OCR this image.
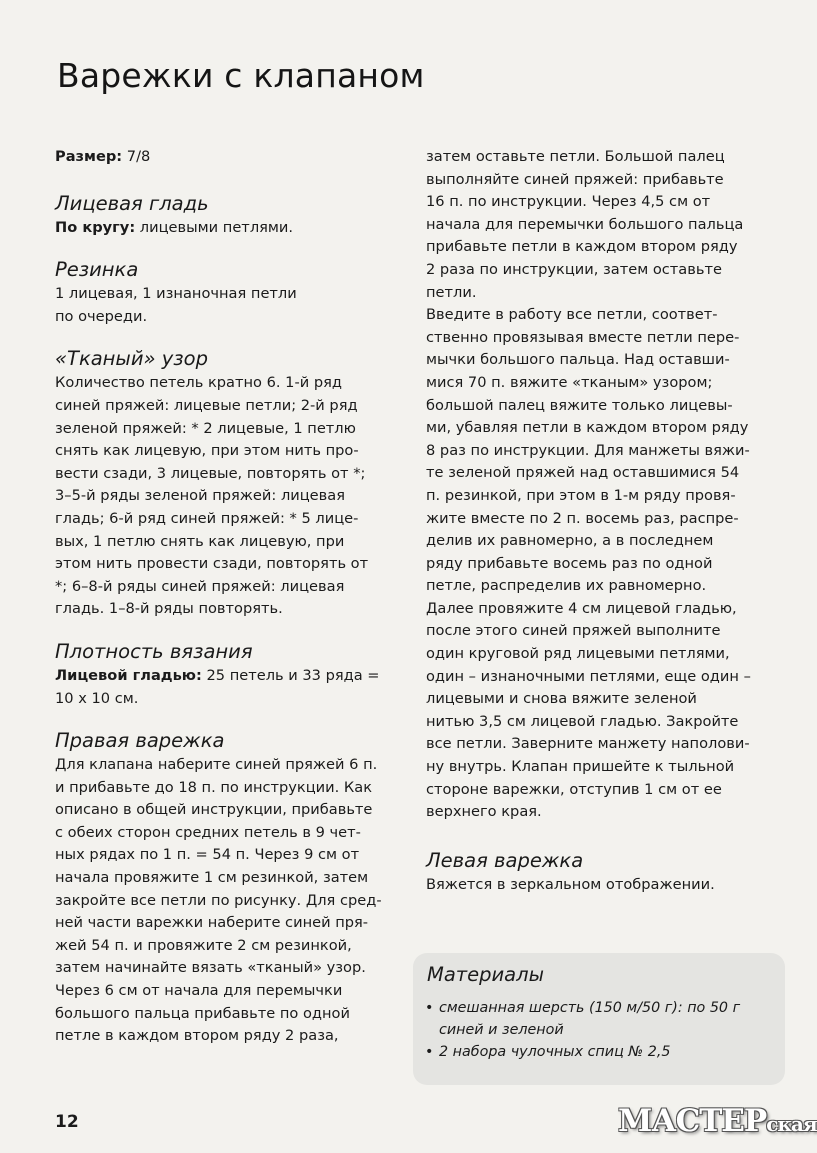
Варежки с клапаном

Размер: 7/8

Лицевая гладь

По кругу: лицевыми петлями.

Резинка

1 лицевая, 1 изнаночная петли

по очереди.

«Тканый» узор

Количество петель кратно 6. 1-й ряд

синей пряжей: лицевые петли; 2-й ряд

зеленой пряжей: * 2 лицевые, 1 петлю

снять как лицевую, при этом нить про-

вести сзади, 3 лицевые, повторять от *;

3–5-й ряды зеленой пряжей: лицевая

гладь; 6-й ряд синей пряжей: * 5 лице-

вых, 1 петлю снять как лицевую, при

этом нить провести сзади, повторять от

*; 6–8-й ряды синей пряжей: лицевая

гладь. 1–8-й ряды повторять.

Плотность вязания

Лицевой гладью: 25 петель и 33 ряда =

10 х 10 см.

Правая варежка

Для клапана наберите синей пряжей 6 п.

и прибавьте до 18 п. по инструкции. Как

описано в общей инструкции, прибавьте

с обеих сторон средних петель в 9 чет-

ных рядах по 1 п. = 54 п. Через 9 см от

начала провяжите 1 см резинкой, затем

закройте все петли по рисунку. Для сред-

ней части варежки наберите синей пря-

жей 54 п. и провяжите 2 см резинкой,

затем начинайте вязать «тканый» узор.

Через 6 см от начала для перемычки

большого пальца прибавьте по одной

петле в каждом втором ряду 2 раза,

затем оставьте петли. Большой палец

выполняйте синей пряжей: прибавьте

16 п. по инструкции. Через 4,5 см от

начала для перемычки большого пальца

прибавьте петли в каждом втором ряду

2 раза по инструкции, затем оставьте

петли.

Введите в работу все петли, соответ-

ственно провязывая вместе петли пере-

мычки большого пальца. Над оставши-

мися 70 п. вяжите «тканым» узором;

большой палец вяжите только лицевы-

ми, убавляя петли в каждом втором ряду

8 раз по инструкции. Для манжеты вяжи-

те зеленой пряжей над оставшимися 54

п. резинкой, при этом в 1-м ряду провя-

жите вместе по 2 п. восемь раз, распре-

делив их равномерно, а в последнем

ряду прибавьте восемь раз по одной

петле, распределив их равномерно.

Далее провяжите 4 см лицевой гладью,

после этого синей пряжей выполните

один круговой ряд лицевыми петлями,

один – изнаночными петлями, еще один –

лицевыми и снова вяжите зеленой

нитью 3,5 см лицевой гладью. Закройте

все петли. Заверните манжету наполови-

ну внутрь. Клапан пришейте к тыльной

стороне варежки, отступив 1 см от ее

верхнего края.

Левая варежка

Вяжется в зеркальном отображении.

Материалы
• смешанная шерсть (150 м/50 г): по 50 г
синей и зеленой
• 2 набора чулочных спиц № 2,5
12	МАСТЕРская
